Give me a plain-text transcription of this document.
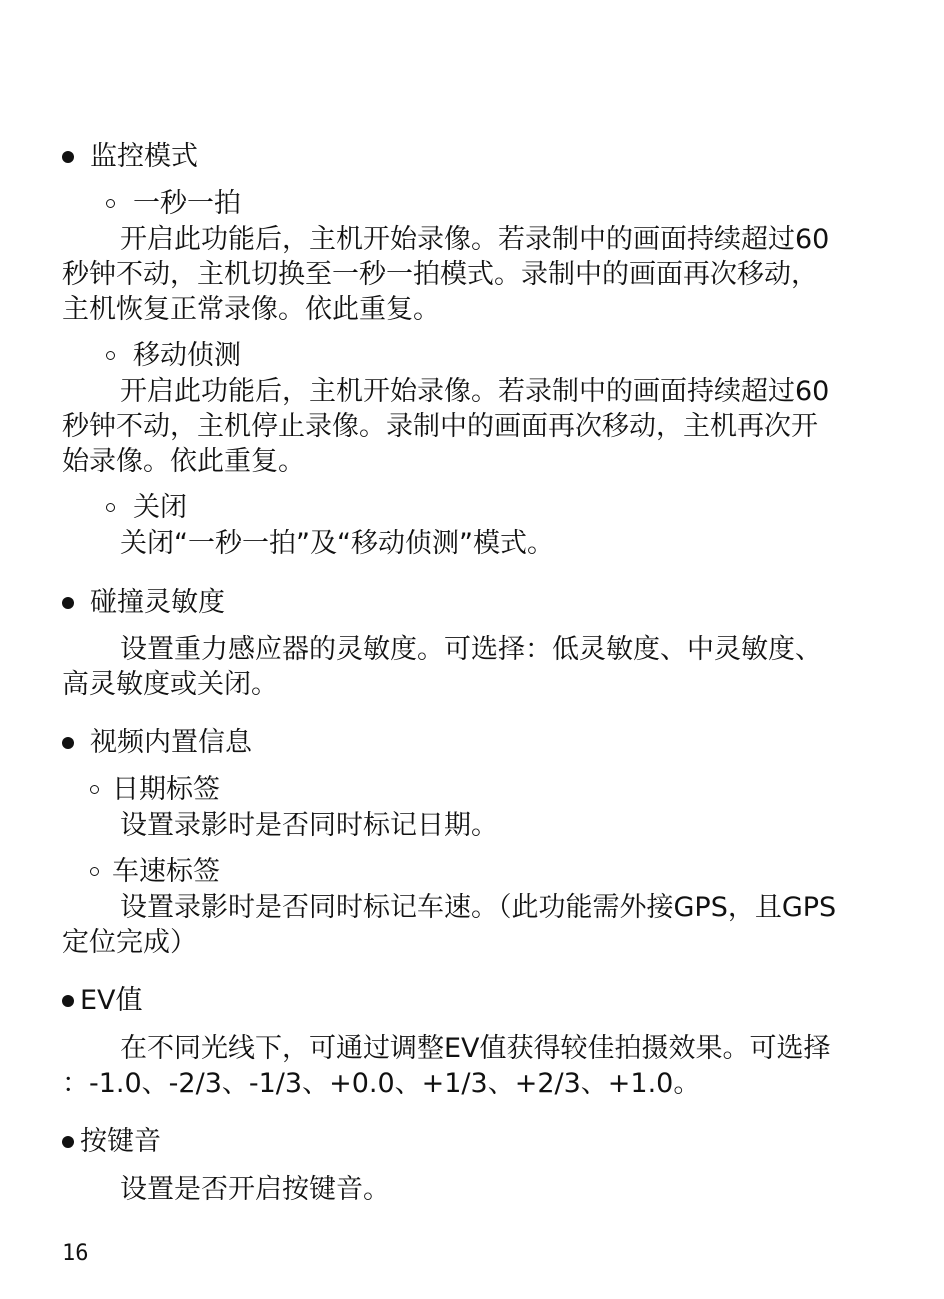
监控模式
一秒一拍
开启此功能后，主机开始录像。若录制中的画面持续超过60
秒钟不动，主机切换至一秒一拍模式。录制中的画面再次移动，
主机恢复正常录像。依此重复。
移动侦测
开启此功能后，主机开始录像。若录制中的画面持续超过60
秒钟不动，主机停止录像。录制中的画面再次移动，主机再次开
始录像。依此重复。
关闭
关闭“一秒一拍”及“移动侦测”模式。
碰撞灵敏度
设置重力感应器的灵敏度。可选择：低灵敏度、中灵敏度、
高灵敏度或关闭。
视频内置信息
日期标签
设置录影时是否同时标记日期。
车速标签
设置录影时是否同时标记车速。（此功能需外接GPS，且GPS
定位完成）
EV值
在不同光线下，可通过调整EV值获得较佳拍摄效果。可选择
：-1.0、-2/3、-1/3、+0.0、+1/3、+2/3、+1.0。
按键音
设置是否开启按键音。
16
